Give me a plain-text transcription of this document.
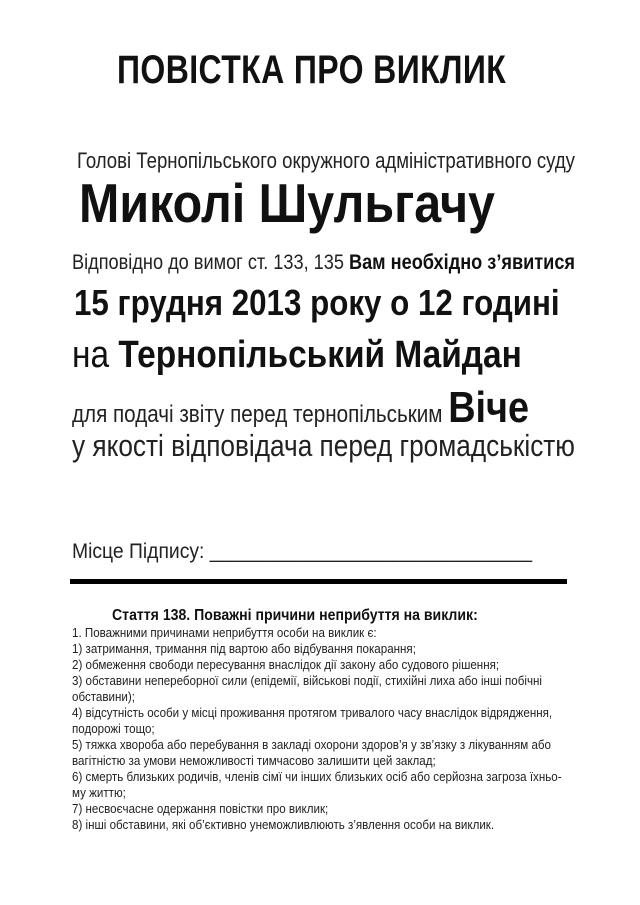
ПОВІСТКА ПРО ВИКЛИК
Голові Тернопільського окружного адміністративного суду
Миколі Шульгачу
Відповідно до вимог ст. 133, 135 Вам необхідно з’явитися
15 грудня 2013 року о 12 годині
на Тернопільський Майдан
для подачі звіту перед тернопільським Віче
у якості відповідача перед громадськістю
Місце Підпису: ______________________________
Стаття 138. Поважні причини неприбуття на виклик:
1. Поважними причинами неприбуття особи на виклик є:
1) затримання, тримання під вартою або відбування покарання;
2) обмеження свободи пересування внаслідок дії закону або судового рішення;
3) обставини непереборної сили (епідемії, військові події, стихійні лиха або інші побічні
обставини);
4) відсутність особи у місці проживання протягом тривалого часу внаслідок відрядження,
подорожі тощо;
5) тяжка хвороба або перебування в закладі охорони здоров’я у зв’язку з лікуванням або
вагітністю за умови неможливості тимчасово залишити цей заклад;
6) смерть близьких родичів, членів сімї чи інших близьких осіб або серйозна загроза їхньо-
му життю;
7) несвоєчасне одержання повістки про виклик;
8) інші обставини, які об’єктивно унеможливлюють з’явлення особи на виклик.
